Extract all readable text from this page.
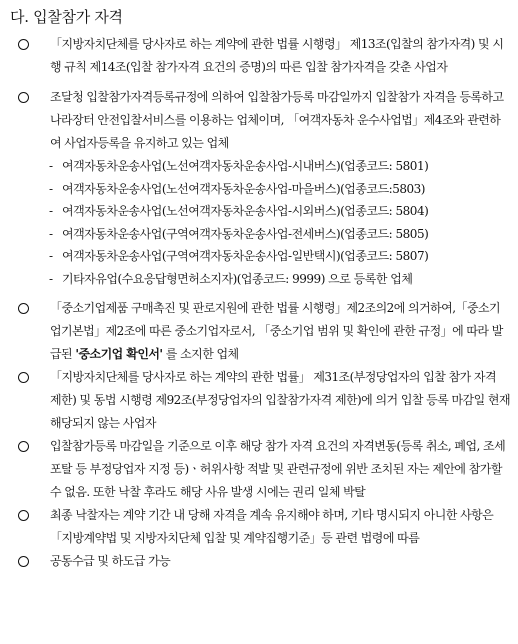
다. 입찰참가 자격
「지방자치단체를 당사자로 하는 계약에 관한 법률 시행령」 제13조(입찰의 참가자격) 및 시행 규칙 제14조(입찰 참가자격 요건의 증명)의 따른 입찰 참가자격을 갖춘 사업자
조달청 입찰참가자격등록규정에 의하여 입찰참가등록 마감일까지 입찰참가 자격을 등록하고 나라장터 안전입찰서비스를 이용하는 업체이며, 「여객자동차 운수사업법」제4조와 관련하여 사업자등록을 유지하고 있는 업체
- 여객자동차운송사업(노선여객자동차운송사업-시내버스)(업종코드: 5801)
- 여객자동차운송사업(노선여객자동차운송사업-마을버스)(업종코드:5803)
- 여객자동차운송사업(노선여객자동차운송사업-시외버스)(업종코드: 5804)
- 여객자동차운송사업(구역여객자동차운송사업-전세버스)(업종코드: 5805)
- 여객자동차운송사업(구역여객자동차운송사업-일반택시)(업종코드: 5807)
- 기타자유업(수요응답형면허소지자)(업종코드: 9999) 으로 등록한 업체
「중소기업제품 구매촉진 및 판로지원에 관한 법률 시행령」제2조의2에 의거하여,「중소기업기본법」제2조에 따른 중소기업자로서, 「중소기업 범위 및 확인에 관한 규정」에 따라 발급된 '중소기업 확인서' 를 소지한 업체
「지방자치단체를 당사자로 하는 계약의 관한 법률」 제31조(부정당업자의 입찰 참가 자격 제한) 및 동법 시행령 제92조(부정당업자의 입찰참가자격 제한)에 의거 입찰 등록 마감일 현재 해당되지 않는 사업자
입찰참가등록 마감일을 기준으로 이후 해당 참가 자격 요건의 자격변동(등록 취소, 폐업, 조세포탈 등 부정당업자 지정 등)ㆍ허위사항 적발 및 관련규정에 위반 조치된 자는 제안에 참가할 수 없음. 또한 낙찰 후라도 해당 사유 발생 시에는 권리 일체 박탈
최종 낙찰자는 계약 기간 내 당해 자격을 계속 유지해야 하며, 기타 명시되지 아니한 사항은「지방계약법 및 지방자치단체 입찰 및 계약집행기준」등 관련 법령에 따름
공동수급 및 하도급 가능
